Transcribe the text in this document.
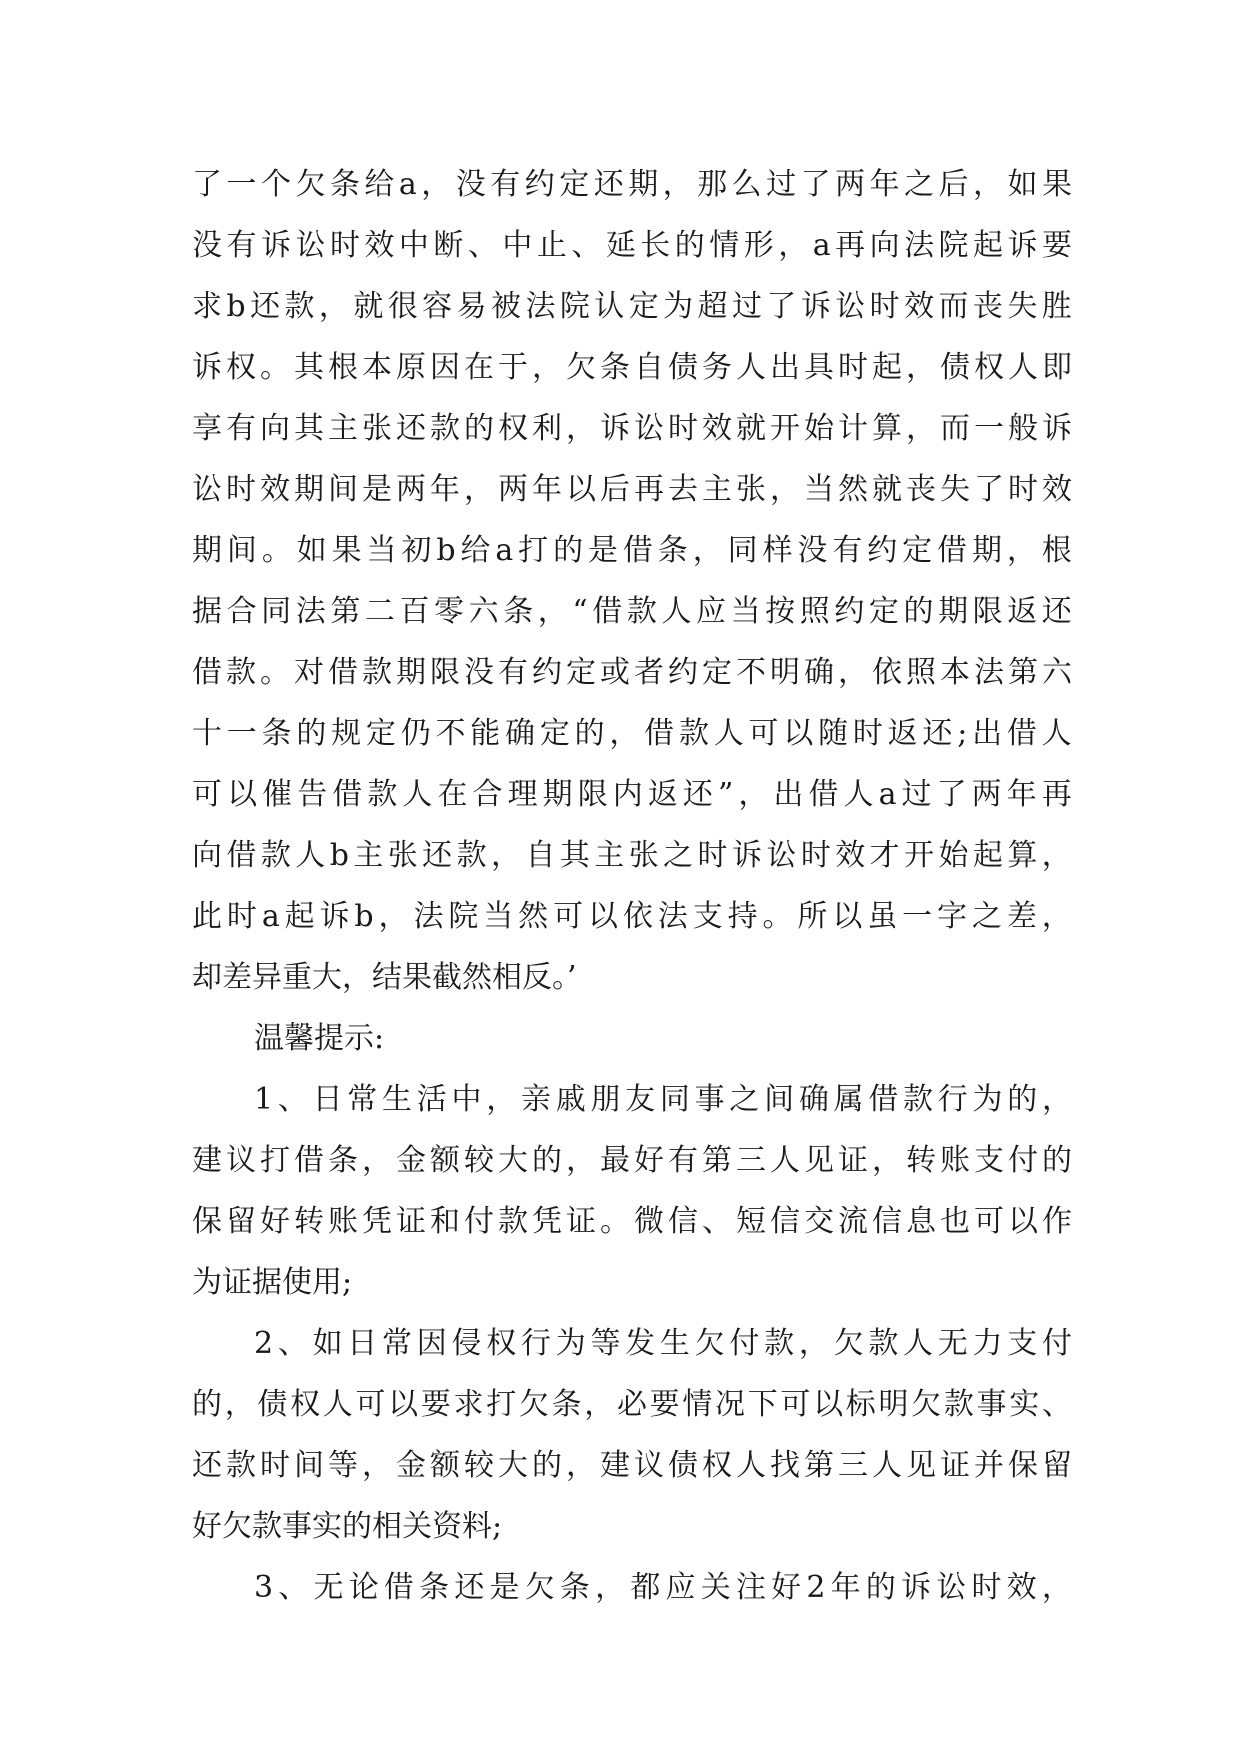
了 一 个 欠 条 给 a ， 没 有 约 定 还 期 ， 那 么 过 了 两 年 之 后 ， 如 果
没 有 诉 讼 时 效 中 断 、 中 止 、 延 长 的 情 形 ， a 再 向 法 院 起 诉 要
求 b 还 款 ， 就 很 容 易 被 法 院 认 定 为 超 过 了 诉 讼 时 效 而 丧 失 胜
诉 权 。 其 根 本 原 因 在 于 ， 欠 条 自 债 务 人 出 具 时 起 ， 债 权 人 即
享 有 向 其 主 张 还 款 的 权 利 ， 诉 讼 时 效 就 开 始 计 算 ， 而 一 般 诉
讼 时 效 期 间 是 两 年 ， 两 年 以 后 再 去 主 张 ， 当 然 就 丧 失 了 时 效
期 间 。 如 果 当 初 b 给 a 打 的 是 借 条 ， 同 样 没 有 约 定 借 期 ， 根
据 合 同 法 第 二 百 零 六 条 ， “ 借 款 人 应 当 按 照 约 定 的 期 限 返 还
借 款 。 对 借 款 期 限 没 有 约 定 或 者 约 定 不 明 确 ， 依 照 本 法 第 六
十 一 条 的 规 定 仍 不 能 确 定 的 ， 借 款 人 可 以 随 时 返 还 ; 出 借 人
可 以 催 告 借 款 人 在 合 理 期 限 内 返 还 ” ， 出 借 人 a 过 了 两 年 再
向 借 款 人 b 主 张 还 款 ， 自 其 主 张 之 时 诉 讼 时 效 才 开 始 起 算 ，
此 时 a 起 诉 b ， 法 院 当 然 可 以 依 法 支 持 。 所 以 虽 一 字 之 差 ，
却差异重大，结果截然相反。’
温馨提示:
1 、 日 常 生 活 中 ， 亲 戚 朋 友 同 事 之 间 确 属 借 款 行 为 的 ，
建 议 打 借 条 ， 金 额 较 大 的 ， 最 好 有 第 三 人 见 证 ， 转 账 支 付 的
保 留 好 转 账 凭 证 和 付 款 凭 证 。 微 信 、 短 信 交 流 信 息 也 可 以 作
为证据使用;
2 、 如 日 常 因 侵 权 行 为 等 发 生 欠 付 款 ， 欠 款 人 无 力 支 付
的 ， 债 权 人 可 以 要 求 打 欠 条 ， 必 要 情 况 下 可 以 标 明 欠 款 事 实 、
还 款 时 间 等 ， 金 额 较 大 的 ， 建 议 债 权 人 找 第 三 人 见 证 并 保 留
好欠款事实的相关资料;
3 、 无 论 借 条 还 是 欠 条 ， 都 应 关 注 好 2 年 的 诉 讼 时 效 ，
